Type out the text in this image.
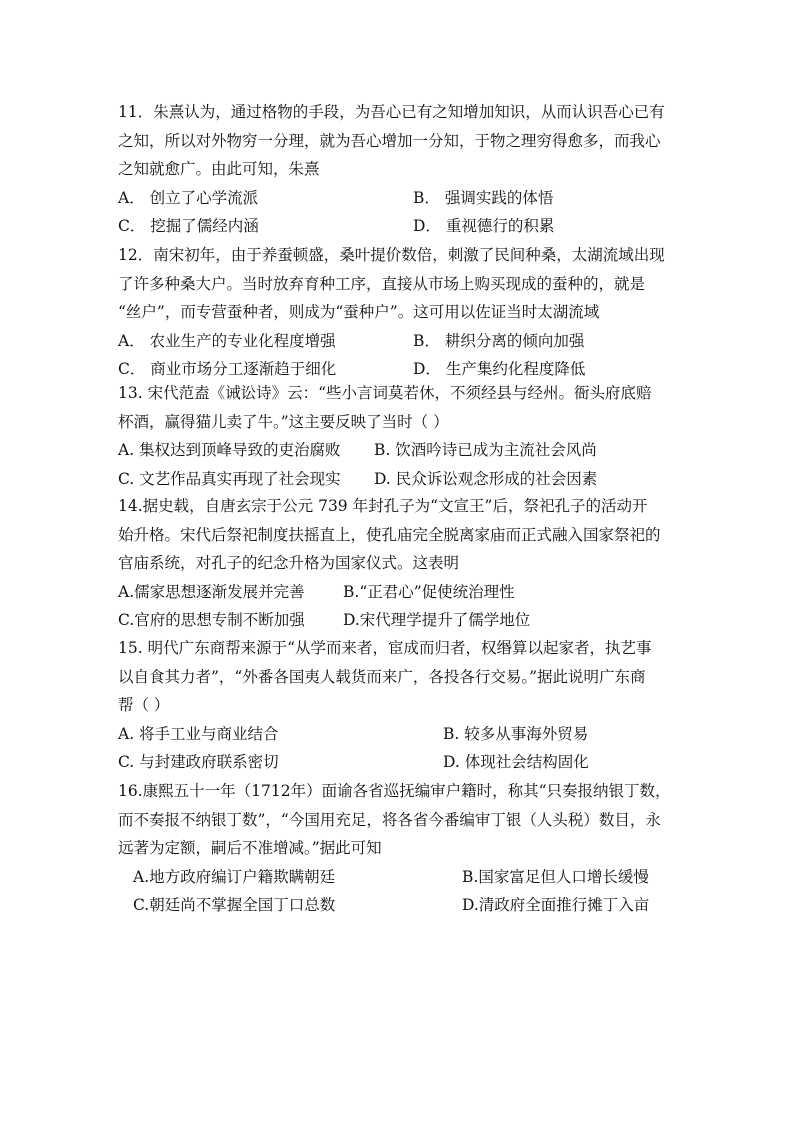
11．朱熹认为，通过格物的手段，为吾心已有之知增加知识，从而认识吾心已有
之知，所以对外物穷一分理，就为吾心增加一分知，于物之理穷得愈多，而我心
之知就愈广。由此可知，朱熹
A． 创立了心学流派	B． 强调实践的体悟
C． 挖掘了儒经内涵	D． 重视德行的积累
12．南宋初年，由于养蚕顿盛，桑叶提价数倍，刺激了民间种桑，太湖流域出现
了许多种桑大户。当时放弃育种工序，直接从市场上购买现成的蚕种的，就是
“丝户”，而专营蚕种者，则成为“蚕种户”。这可用以佐证当时太湖流域
A． 农业生产的专业化程度增强	B． 耕织分离的倾向加强
C． 商业市场分工逐渐趋于细化	D． 生产集约化程度降低
13. 宋代范盍《诫讼诗》云：“些小言词莫若休，不须经县与经州。衙头府底赔
杯酒，赢得猫儿卖了牛。”这主要反映了当时（ ）
A. 集权达到顶峰导致的吏治腐败 B. 饮酒吟诗已成为主流社会风尚
C. 文艺作品真实再现了社会现实 D. 民众诉讼观念形成的社会因素
14.据史载，自唐玄宗于公元 739 年封孔子为“文宣王”后，祭祀孔子的活动开
始升格。宋代后祭祀制度扶摇直上，使孔庙完全脱离家庙而正式融入国家祭祀的
官庙系统，对孔子的纪念升格为国家仪式。这表明
A.儒家思想逐渐发展并完善 B.“正君心”促使统治理性
C.官府的思想专制不断加强 D.宋代理学提升了儒学地位
15. 明代广东商帮来源于“从学而来者，宦成而归者，权缗算以起家者，执艺事
以自食其力者”，“外番各国夷人载货而来广，各投各行交易。”据此说明广东商
帮（ ）
A. 将手工业与商业结合	B. 较多从事海外贸易
C. 与封建政府联系密切	D. 体现社会结构固化
16.康熙五十一年（1712年）面谕各省巡抚编审户籍时，称其“只奏报纳银丁数，
而不奏报不纳银丁数”，“今国用充足，将各省今番编审丁银（人头税）数目，永
远著为定额，嗣后不准增减。”据此可知
A.地方政府编订户籍欺瞒朝廷	B.国家富足但人口增长缓慢
C.朝廷尚不掌握全国丁口总数	D.清政府全面推行摊丁入亩
